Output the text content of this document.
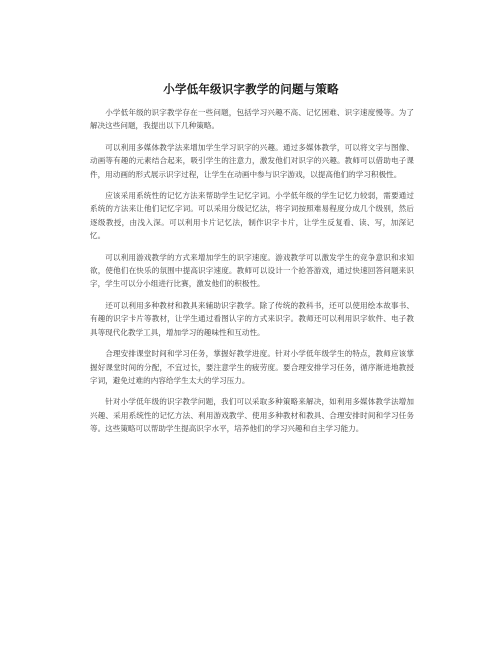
小学低年级识字教学的问题与策略

小学低年级的识字教学存在一些问题，包括学习兴趣不高、记忆困难、识字速度慢等。为了解决这些问题，我提出以下几种策略。

可以利用多媒体教学法来增加学生学习识字的兴趣。通过多媒体教学，可以将文字与图像、动画等有趣的元素结合起来，吸引学生的注意力，激发他们对识字的兴趣。教师可以借助电子课件，用动画的形式展示识字过程，让学生在动画中参与识字游戏，以提高他们的学习积极性。

应该采用系统性的记忆方法来帮助学生记忆字词。小学低年级的学生记忆力较弱，需要通过系统的方法来让他们记忆字词。可以采用分级记忆法，将字词按照难易程度分成几个级别，然后逐级教授，由浅入深。可以利用卡片记忆法，制作识字卡片，让学生反复看、读、写，加深记忆。

可以利用游戏教学的方式来增加学生的识字速度。游戏教学可以激发学生的竞争意识和求知欲，使他们在快乐的氛围中提高识字速度。教师可以设计一个抢答游戏，通过快速回答问题来识字，学生可以分小组进行比赛，激发他们的积极性。

还可以利用多种教材和教具来辅助识字教学。除了传统的教科书，还可以使用绘本故事书、有趣的识字卡片等教材，让学生通过看图认字的方式来识字。教师还可以利用识字软件、电子教具等现代化教学工具，增加学习的趣味性和互动性。

合理安排课堂时间和学习任务，掌握好教学进度。针对小学低年级学生的特点，教师应该掌握好课堂时间的分配，不宜过长，要注意学生的疲劳度。要合理安排学习任务，循序渐进地教授字词，避免过难的内容给学生太大的学习压力。

针对小学低年级的识字教学问题，我们可以采取多种策略来解决，如利用多媒体教学法增加兴趣、采用系统性的记忆方法、利用游戏教学、使用多种教材和教具、合理安排时间和学习任务等。这些策略可以帮助学生提高识字水平，培养他们的学习兴趣和自主学习能力。
